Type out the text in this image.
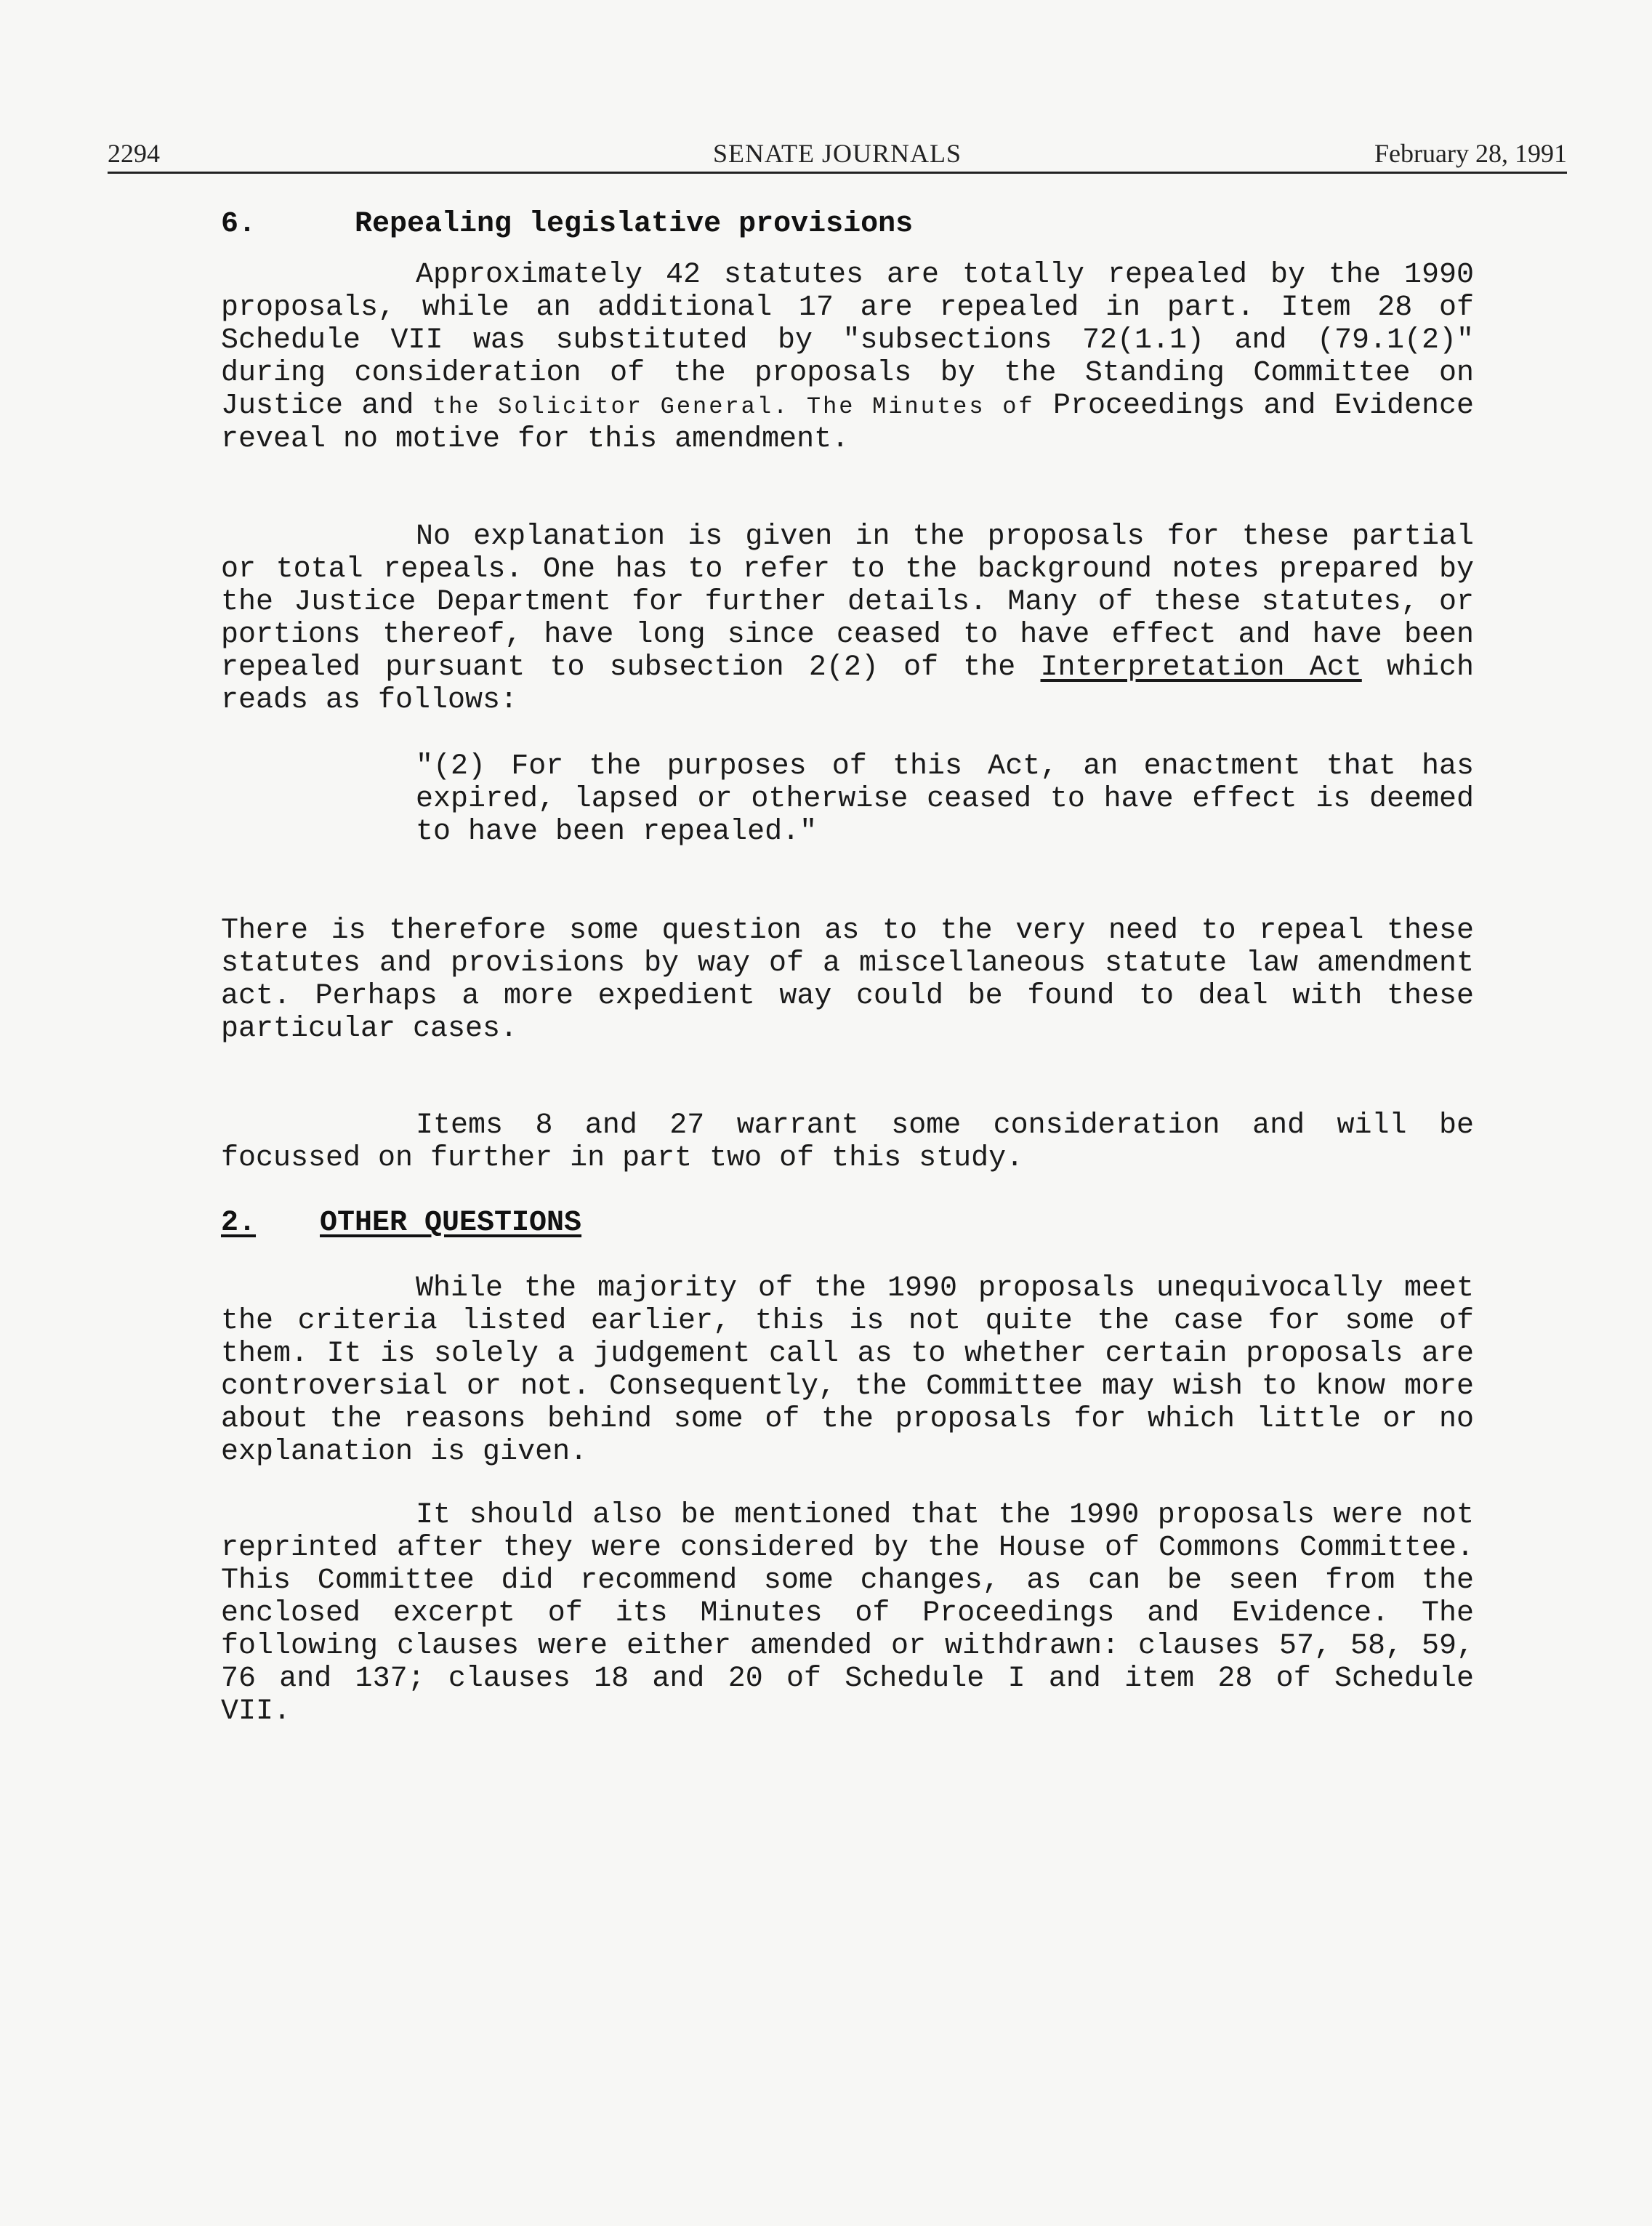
2294	SENATE JOURNALS	February 28, 1991
6.	Repealing legislative provisions

Approximately 42 statutes are totally repealed by the 1990 proposals, while an additional 17 are repealed in part. Item 28 of Schedule VII was substituted by "subsections 72(1.1) and (79.1(2)" during consideration of the proposals by the Standing Committee on Justice and the Solicitor General. The Minutes of Proceedings and Evidence reveal no motive for this amendment.

No explanation is given in the proposals for these partial or total repeals. One has to refer to the background notes prepared by the Justice Department for further details. Many of these statutes, or portions thereof, have long since ceased to have effect and have been repealed pursuant to subsection 2(2) of the Interpretation Act which reads as follows:

"(2) For the purposes of this Act, an enactment that has expired, lapsed or otherwise ceased to have effect is deemed to have been repealed."

There is therefore some question as to the very need to repeal these statutes and provisions by way of a miscellaneous statute law amendment act. Perhaps a more expedient way could be found to deal with these particular cases.

Items 8 and 27 warrant some consideration and will be focussed on further in part two of this study.

2. OTHER QUESTIONS

While the majority of the 1990 proposals unequivocally meet the criteria listed earlier, this is not quite the case for some of them. It is solely a judgement call as to whether certain proposals are controversial or not. Consequently, the Committee may wish to know more about the reasons behind some of the proposals for which little or no explanation is given.

It should also be mentioned that the 1990 proposals were not reprinted after they were considered by the House of Commons Committee. This Committee did recommend some changes, as can be seen from the enclosed excerpt of its Minutes of Proceedings and Evidence. The following clauses were either amended or withdrawn: clauses 57, 58, 59, 76 and 137; clauses 18 and 20 of Schedule I and item 28 of Schedule VII.
